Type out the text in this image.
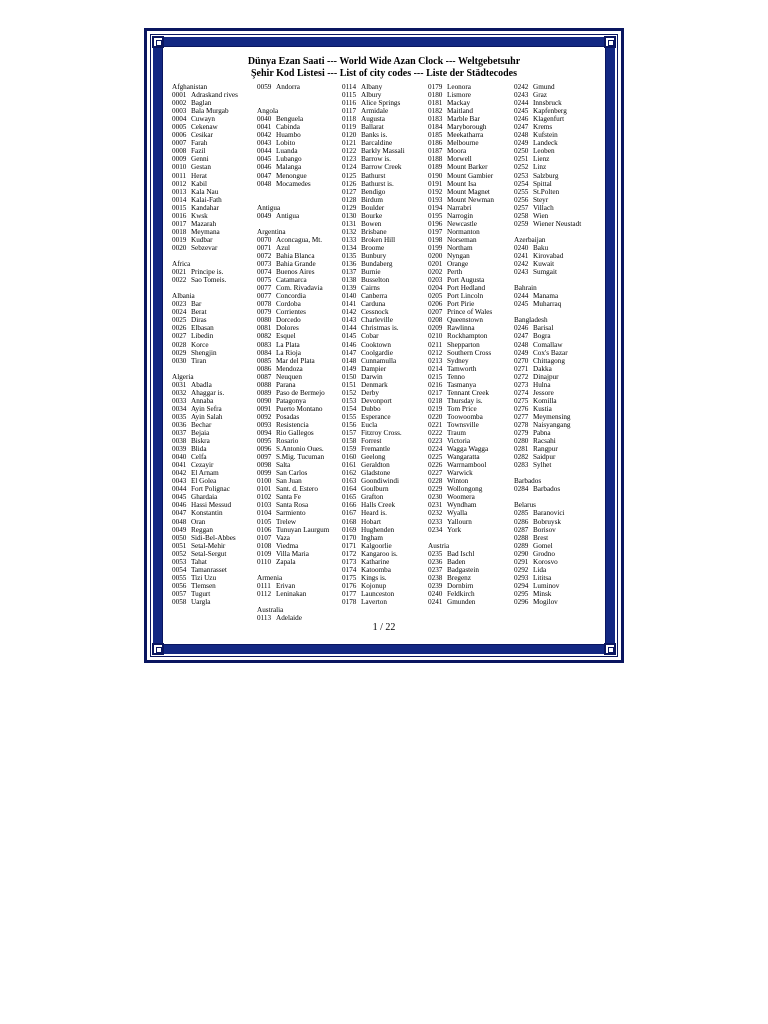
Dünya Ezan Saati --- World Wide Azan Clock --- Weltgebetsuhr
Şehir Kod Listesi --- List of city codes --- Liste der Städtecodes
Afghanistan
0001 Adraskand rives
0002 Baglan
0003 Bala Murgab
0004 Cuwayn
0005 Cekenaw
0006 Cesikar
0007 Farah
0008 Fazil
0009 Genni
0010 Gestan
0011 Herat
0012 Kabil
0013 Kala Nau
0014 Kalai-Fath
0015 Kandahar
0016 Kwsk
0017 Mazarah
0018 Meymana
0019 Kudbar
0020 Sebzevar
Africa
0021 Principe is.
0022 Sao Tomeis.
Albania
0023 Bar
0024 Berat
0025 Diras
0026 Elbasan
0027 Libedin
0028 Korce
0029 Shengjin
0030 Tiran
Algeria
0031 Abadla
0032 Ahaggar is.
0033 Annaba
0034 Ayin Sefra
0035 Ayin Salah
0036 Bechar
0037 Bejaia
0038 Biskra
0039 Blida
0040 Celfa
0041 Cezayir
0042 El Arnam
0043 El Golea
0044 Fort Polignac
0045 Ghardaia
0046 Hassi Messud
0047 Konstantin
0048 Oran
0049 Reggan
0050 Sidi-Bel-Abbes
0051 Setal-Mehir
0052 Setal-Sergut
0053 Tahat
0054 Tamanrasset
0055 Tizi Uzu
0056 Tlemsen
0057 Tugurt
0058 Uargla
0059 Andorra
Angola
0040 Benguela
0041 Cabinda
0042 Huambo
0043 Lobito
0044 Luanda
0045 Lubango
0046 Malanga
0047 Menongue
0048 Mocamedes
Antigua
0049 Antigua
Argentina
0070 Aconcagua, Mt.
0071 Azul
0072 Bahia Blanca
0073 Bahia Grande
0074 Buenos Aires
0075 Catamarca
0077 Com. Rivadavia
0077 Concordia
0078 Cordoba
0079 Corrientes
0080 Dorcedo
0081 Dolores
0082 Esquel
0083 La Plata
0084 La Rioja
0085 Mar del Plata
0086 Mendoza
0087 Neuquen
0088 Parana
0089 Paso de Bermejo
0090 Patagonya
0091 Puerto Montano
0092 Posadas
0093 Resistencia
0094 Rio Gallegos
0095 Rosario
0096 S.Antonio Oues.
0097 S.Mig. Tucuman
0098 Salta
0099 San Carlos
0100 San Juan
0101 Sant. d. Estero
0102 Santa Fe
0103 Santa Rosa
0104 Sarmiento
0105 Trelew
0106 Tunuyan Laurgum
0107 Vaza
0108 Viedma
0109 Villa Maria
0110 Zapala
Armenia
0111 Erivan
0112 Leninakan
Australia
0113 Adelaide
0114 Albany
0115 Albury
0116 Alice Springs
0117 Armidale
0118 Augusta
0119 Ballarat
0120 Banks is.
0121 Barcaldine
0122 Barkly Massali
0123 Barrow is.
0124 Barrow Creek
0125 Bathurst
0126 Bathurst is.
0127 Bendigo
0128 Birdum
0129 Boulder
0130 Bourke
0131 Bowen
0132 Brisbane
0133 Broken Hill
0134 Broome
0135 Bunbury
0136 Bundaberg
0137 Burnie
0138 Busselton
0139 Cairns
0140 Canberra
0141 Carduna
0142 Cessnock
0143 Charleville
0144 Christmas is.
0145 Cobar
0146 Cooktown
0147 Coolgardie
0148 Cunnamulla
0149 Dampier
0150 Darwin
0151 Denmark
0152 Derby
0153 Devonport
0154 Dubbo
0155 Esperance
0156 Eucla
0157 Fitzroy Cross.
0158 Forrest
0159 Fremantle
0160 Geelong
0161 Geraldton
0162 Gladstone
0163 Goondiwindi
0164 Goulburn
0165 Grafton
0166 Halls Creek
0167 Heard is.
0168 Hobart
0169 Hughenden
0170 Ingham
0171 Kalgoorlie
0172 Kangaroo is.
0173 Katharine
0174 Katoomba
0175 Kings is.
0176 Kojonup
0177 Launceston
0178 Laverton
0179 Leonora
0180 Lismore
0181 Mackay
0182 Maitland
0183 Marble Bar
0184 Maryborough
0185 Meekatharra
0186 Melbourne
0187 Moora
0188 Morwell
0189 Mount Barker
0190 Mount Gambier
0191 Mount Isa
0192 Mount Magnet
0193 Mount Newman
0194 Narrabri
0195 Narrogin
0196 Newcastle
0197 Normanton
0198 Norseman
0199 Northam
0200 Nyngan
0201 Orange
0202 Perth
0203 Port Augusta
0204 Port Hedland
0205 Port Lincoln
0206 Port Pirie
0207 Prince of Wales
0208 Queenstown
0209 Rawlinna
0210 Rockhampton
0211 Shepparton
0212 Southern Cross
0213 Sydney
0214 Tamworth
0215 Tenno
0216 Tasmanya
0217 Tennant Creek
0218 Thursday is.
0219 Tom Price
0220 Toowoomba
0221 Townsville
0222 Traum
0223 Victoria
0224 Wagga Wagga
0225 Wangaratta
0226 Warrnambool
0227 Warwick
0228 Winton
0229 Wollongong
0230 Woomera
0231 Wyndham
0232 Wyalla
0233 Yallourn
0234 York
Austria
0235 Bad Ischl
0236 Baden
0237 Badgastein
0238 Bregenz
0239 Dornbirn
0240 Feldkirch
0241 Gmunden
0242 Gmund
0243 Graz
0244 Innsbruck
0245 Kapfenberg
0246 Klagenfurt
0247 Krems
0248 Kufstein
0249 Landeck
0250 Leoben
0251 Lienz
0252 Linz
0253 Salzburg
0254 Spittal
0255 St.Polten
0256 Steyr
0257 Villach
0258 Wien
0259 Wiener Neustadt
Azerbaijan
0240 Baku
0241 Kirovabad
0242 Kuwait
0243 Sumgait
Bahrain
0244 Manama
0245 Muharraq
Bangladesh
0246 Barisal
0247 Bogra
0248 Comallaw
0249 Cox's Bazar
0270 Chittagong
0271 Dakka
0272 Dinajpur
0273 Hulna
0274 Jessore
0275 Komilla
0276 Kustia
0277 Meymensing
0278 Naisyangang
0279 Pabna
0280 Racsahi
0281 Rangpur
0282 Saidpur
0283 Sylhet
Barbados
0284 Barbados
Belarus
0285 Baranovici
0286 Bobruysk
0287 Borisov
0288 Brest
0289 Gomel
0290 Grodno
0291 Korosvo
0292 Lida
0293 Lititsa
0294 Luminov
0295 Minsk
0296 Mogilov
1 / 22
